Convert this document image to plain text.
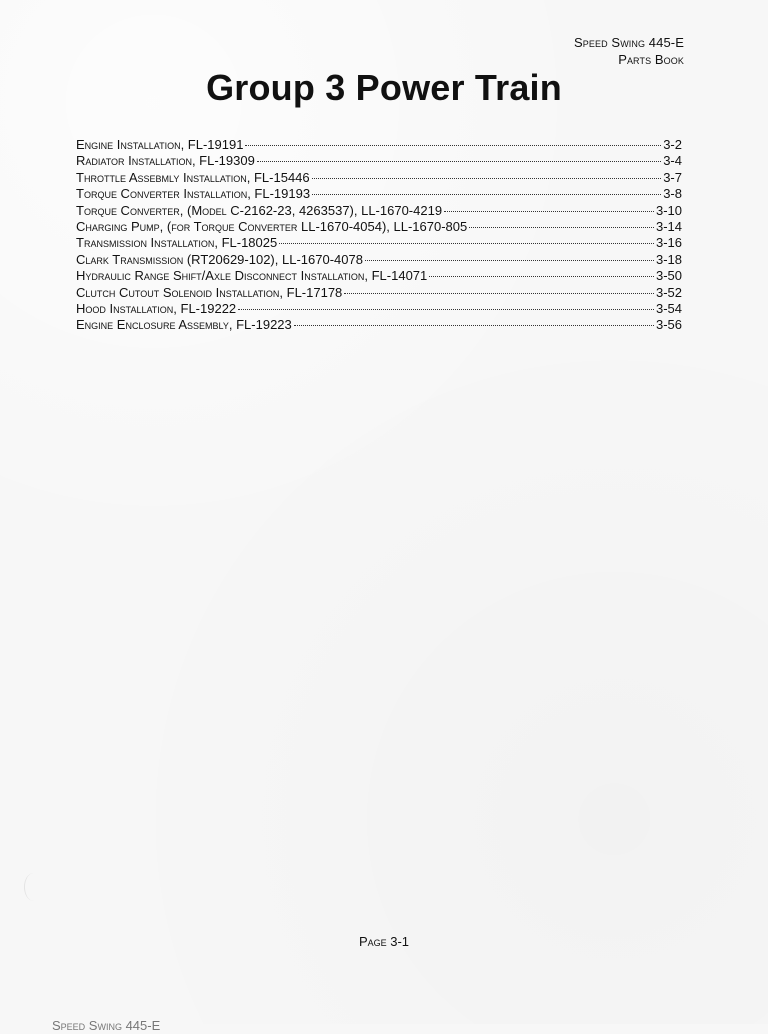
Speed Swing 445-E
Parts Book
Group 3 Power Train
Engine Installation, FL-19191	3-2
Radiator Installation, FL-19309	3-4
Throttle Assebmly Installation, FL-15446	3-7
Torque Converter Installation, FL-19193	3-8
Torque Converter, (Model C-2162-23, 4263537), LL-1670-4219	3-10
Charging Pump, (for Torque Converter LL-1670-4054), LL-1670-805	3-14
Transmission Installation, FL-18025	3-16
Clark Transmission (RT20629-102), LL-1670-4078	3-18
Hydraulic Range Shift/Axle Disconnect Installation, FL-14071	3-50
Clutch Cutout Solenoid Installation, FL-17178	3-52
Hood Installation, FL-19222	3-54
Engine Enclosure Assembly, FL-19223	3-56
Page 3-1
Speed Swing 445-E
